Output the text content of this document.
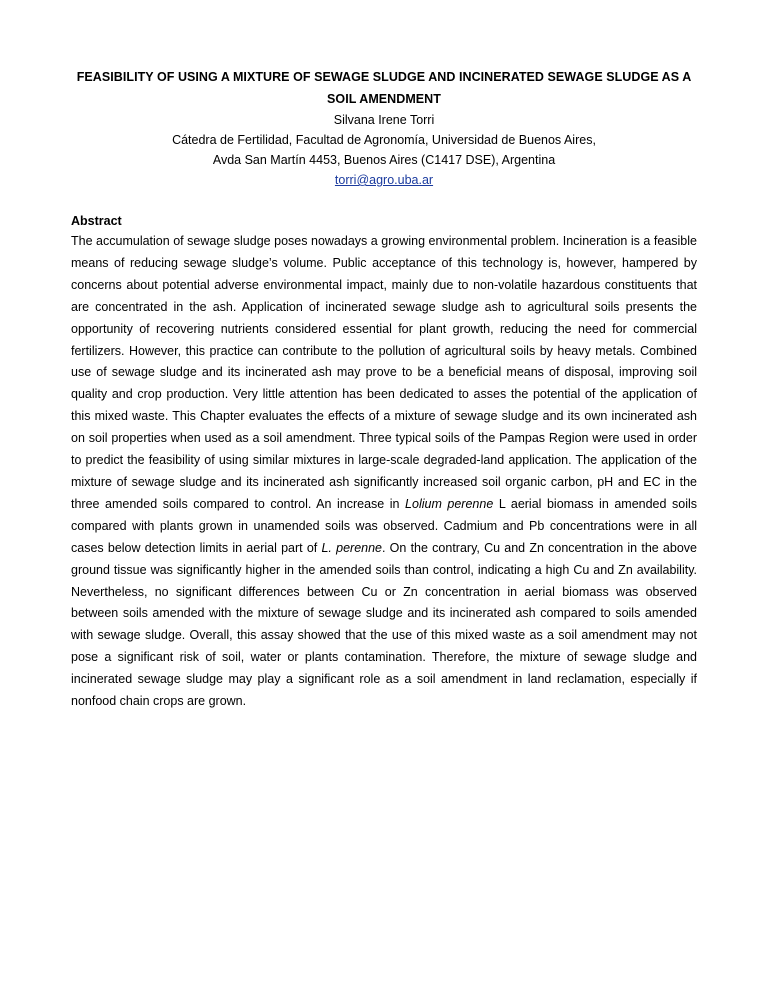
FEASIBILITY OF USING A MIXTURE OF SEWAGE SLUDGE AND INCINERATED SEWAGE SLUDGE AS A SOIL AMENDMENT

Silvana Irene Torri

Cátedra de Fertilidad, Facultad de Agronomía, Universidad de Buenos Aires,

Avda San Martín 4453, Buenos Aires (C1417 DSE), Argentina

torri@agro.uba.ar

Abstract

The accumulation of sewage sludge poses nowadays a growing environmental problem. Incineration is a feasible means of reducing sewage sludge’s volume. Public acceptance of this technology is, however, hampered by concerns about potential adverse environmental impact, mainly due to non-volatile hazardous constituents that are concentrated in the ash. Application of incinerated sewage sludge ash to agricultural soils presents the opportunity of recovering nutrients considered essential for plant growth, reducing the need for commercial fertilizers. However, this practice can contribute to the pollution of agricultural soils by heavy metals. Combined use of sewage sludge and its incinerated ash may prove to be a beneficial means of disposal, improving soil quality and crop production. Very little attention has been dedicated to asses the potential of the application of this mixed waste. This Chapter evaluates the effects of a mixture of sewage sludge and its own incinerated ash on soil properties when used as a soil amendment. Three typical soils of the Pampas Region were used in order to predict the feasibility of using similar mixtures in large-scale degraded-land application. The application of the mixture of sewage sludge and its incinerated ash significantly increased soil organic carbon, pH and EC in the three amended soils compared to control. An increase in Lolium perenne L aerial biomass in amended soils compared with plants grown in unamended soils was observed. Cadmium and Pb concentrations were in all cases below detection limits in aerial part of L. perenne. On the contrary, Cu and Zn concentration in the above ground tissue was significantly higher in the amended soils than control, indicating a high Cu and Zn availability. Nevertheless, no significant differences between Cu or Zn concentration in aerial biomass was observed between soils amended with the mixture of sewage sludge and its incinerated ash compared to soils amended with sewage sludge. Overall, this assay showed that the use of this mixed waste as a soil amendment may not pose a significant risk of soil, water or plants contamination. Therefore, the mixture of sewage sludge and incinerated sewage sludge may play a significant role as a soil amendment in land reclamation, especially if nonfood chain crops are grown.
